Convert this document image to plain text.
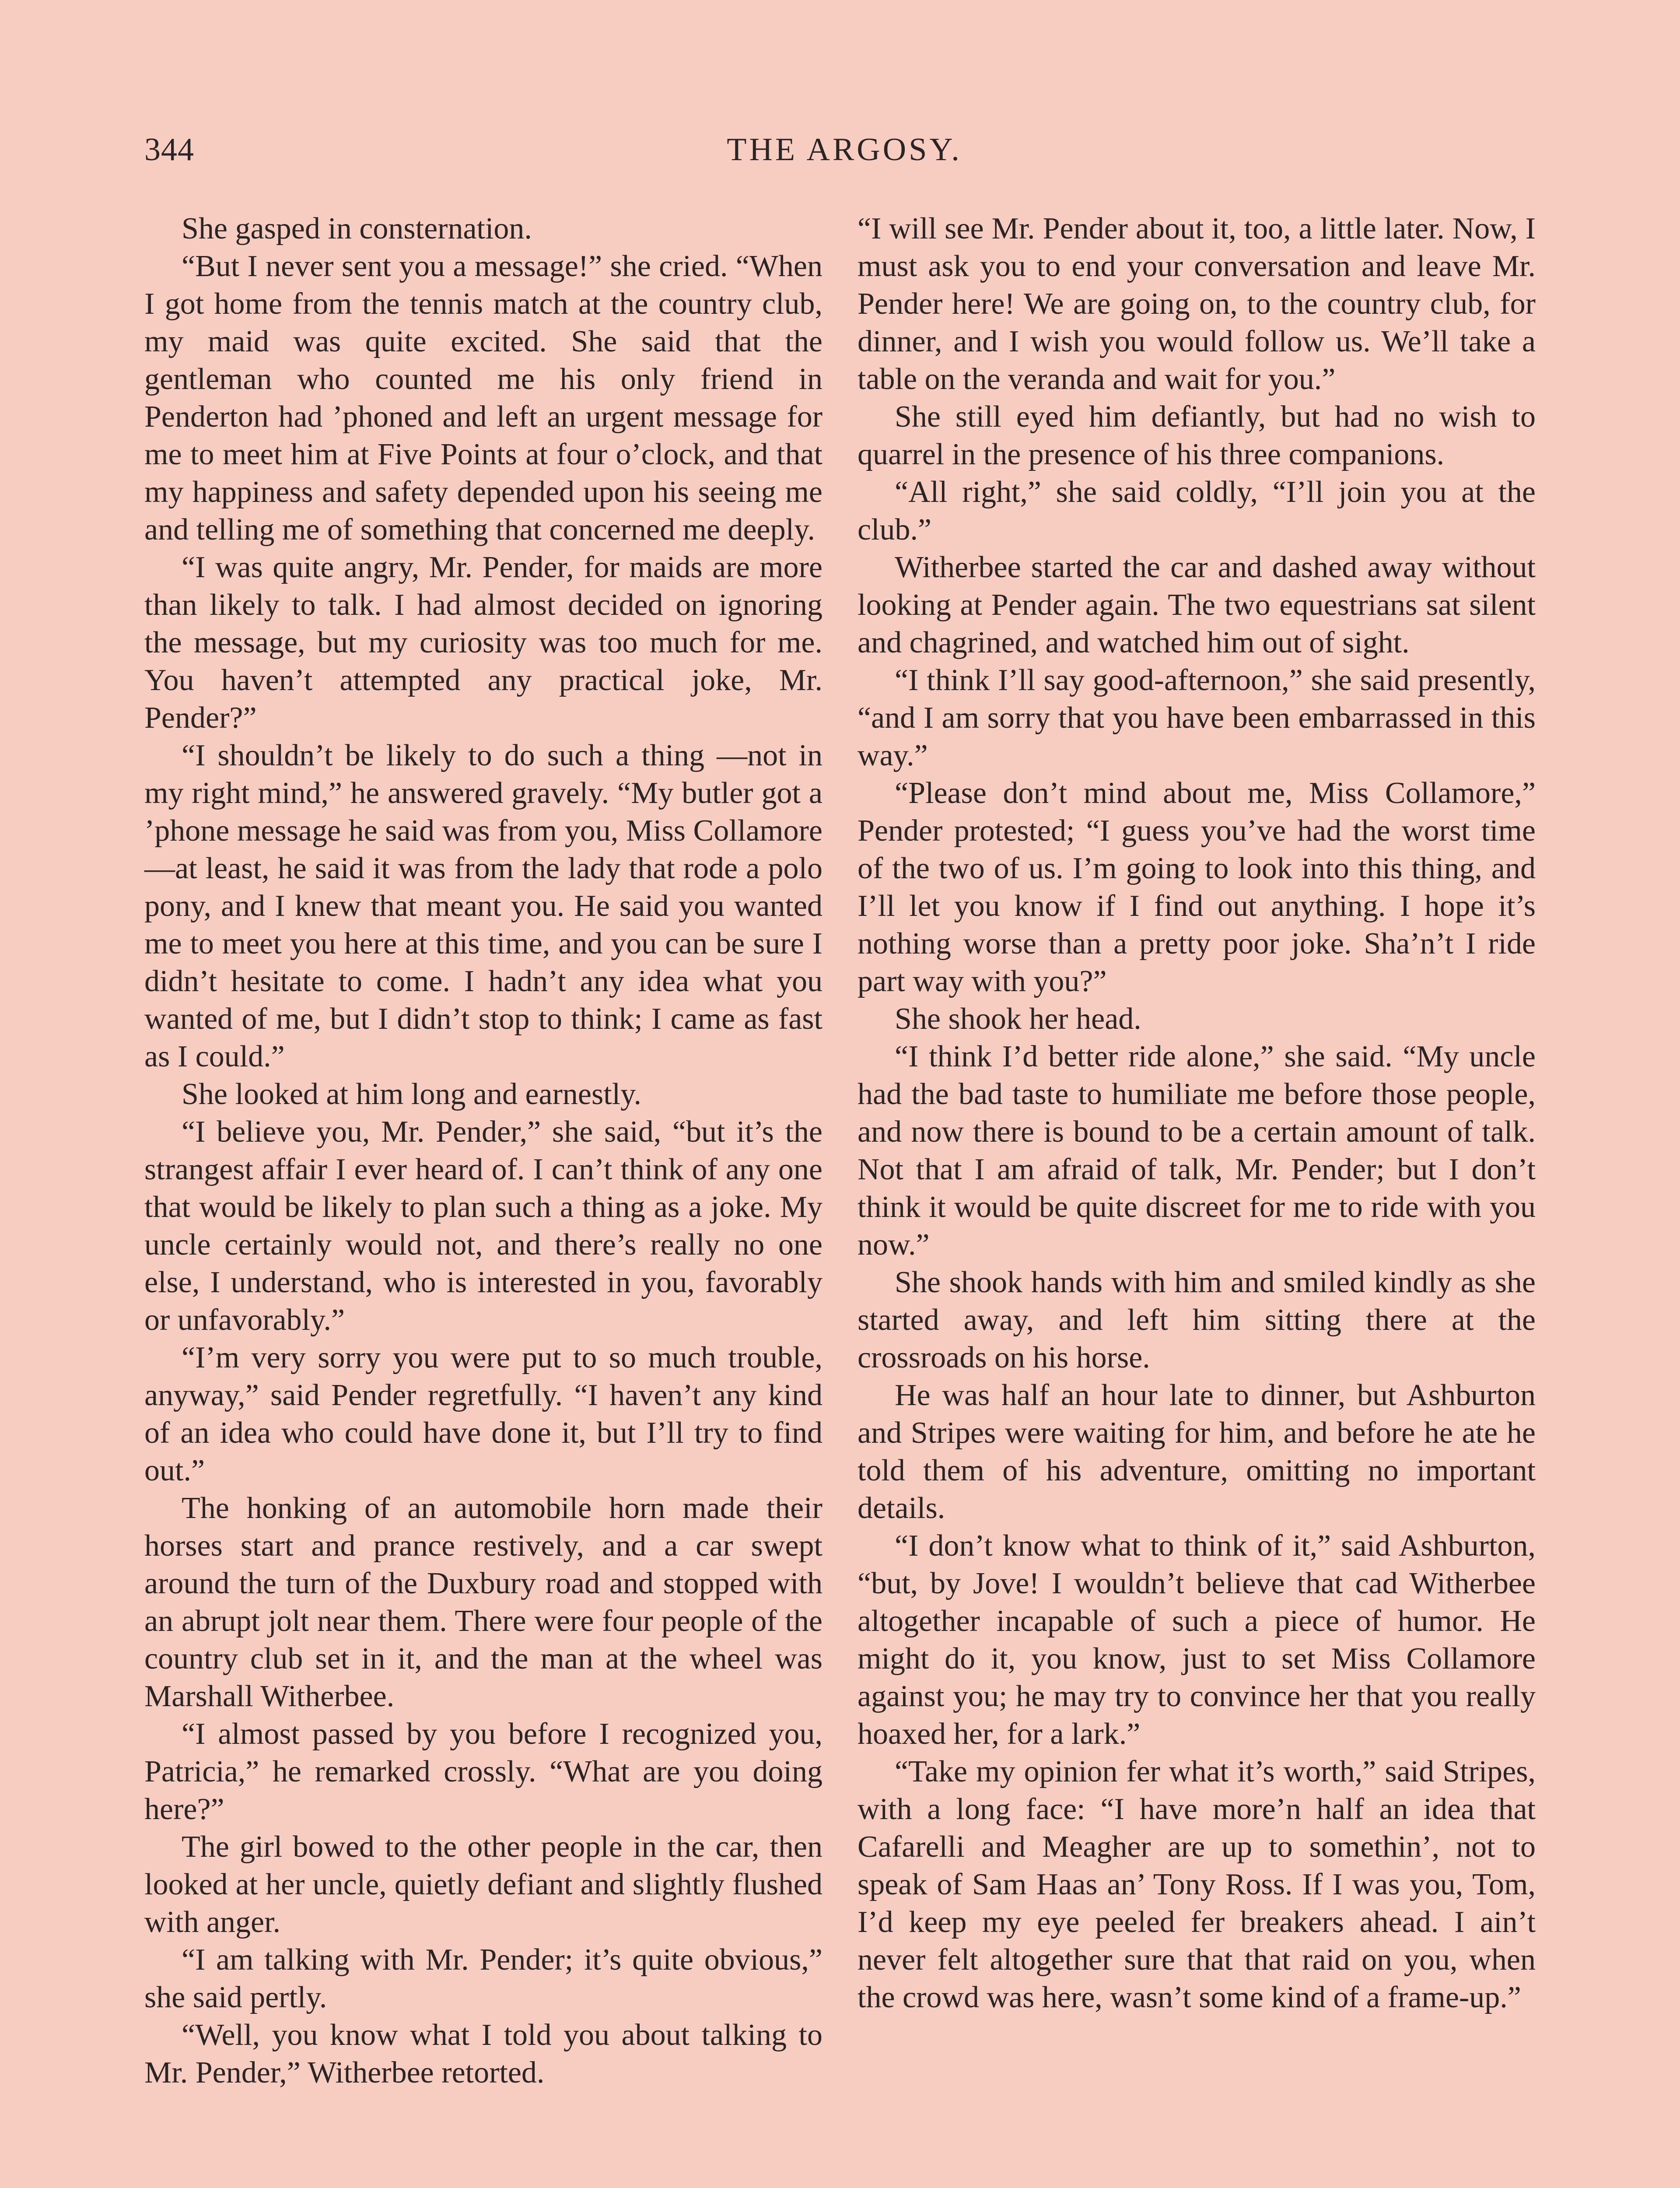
344	THE ARGOSY.

She gasped in consternation.

“But I never sent you a message!” she cried. “When I got home from the tennis match at the country club, my maid was quite excited. She said that the gentleman who counted me his only friend in Penderton had ’phoned and left an urgent message for me to meet him at Five Points at four o’clock, and that my happiness and safety depended upon his seeing me and telling me of something that concerned me deeply.

“I was quite angry, Mr. Pender, for maids are more than likely to talk. I had almost decided on ignoring the message, but my curiosity was too much for me. You haven’t attempted any practical joke, Mr. Pender?”

“I shouldn’t be likely to do such a thing —not in my right mind,” he answered gravely. “My butler got a ’phone message he said was from you, Miss Collamore—at least, he said it was from the lady that rode a polo pony, and I knew that meant you. He said you wanted me to meet you here at this time, and you can be sure I didn’t hesitate to come. I hadn’t any idea what you wanted of me, but I didn’t stop to think; I came as fast as I could.”

She looked at him long and earnestly.

“I believe you, Mr. Pender,” she said, “but it’s the strangest affair I ever heard of. I can’t think of any one that would be likely to plan such a thing as a joke. My uncle certainly would not, and there’s really no one else, I understand, who is interested in you, favorably or unfavorably.”

“I’m very sorry you were put to so much trouble, anyway,” said Pender regretfully. “I haven’t any kind of an idea who could have done it, but I’ll try to find out.”

The honking of an automobile horn made their horses start and prance restively, and a car swept around the turn of the Duxbury road and stopped with an abrupt jolt near them. There were four people of the country club set in it, and the man at the wheel was Marshall Witherbee.

“I almost passed by you before I recognized you, Patricia,” he remarked crossly. “What are you doing here?”

The girl bowed to the other people in the car, then looked at her uncle, quietly defiant and slightly flushed with anger.

“I am talking with Mr. Pender; it’s quite obvious,” she said pertly.

“Well, you know what I told you about talking to Mr. Pender,” Witherbee retorted.

“I will see Mr. Pender about it, too, a little later. Now, I must ask you to end your conversation and leave Mr. Pender here! We are going on, to the country club, for dinner, and I wish you would follow us. We’ll take a table on the veranda and wait for you.”

She still eyed him defiantly, but had no wish to quarrel in the presence of his three companions.

“All right,” she said coldly, “I’ll join you at the club.”

Witherbee started the car and dashed away without looking at Pender again. The two equestrians sat silent and chagrined, and watched him out of sight.

“I think I’ll say good-afternoon,” she said presently, “and I am sorry that you have been embarrassed in this way.”

“Please don’t mind about me, Miss Collamore,” Pender protested; “I guess you’ve had the worst time of the two of us. I’m going to look into this thing, and I’ll let you know if I find out anything. I hope it’s nothing worse than a pretty poor joke. Sha’n’t I ride part way with you?”

She shook her head.

“I think I’d better ride alone,” she said. “My uncle had the bad taste to humiliate me before those people, and now there is bound to be a certain amount of talk. Not that I am afraid of talk, Mr. Pender; but I don’t think it would be quite discreet for me to ride with you now.”

She shook hands with him and smiled kindly as she started away, and left him sitting there at the crossroads on his horse.

He was half an hour late to dinner, but Ashburton and Stripes were waiting for him, and before he ate he told them of his adventure, omitting no important details.

“I don’t know what to think of it,” said Ashburton, “but, by Jove! I wouldn’t believe that cad Witherbee altogether incapable of such a piece of humor. He might do it, you know, just to set Miss Collamore against you; he may try to convince her that you really hoaxed her, for a lark.”

“Take my opinion fer what it’s worth,” said Stripes, with a long face: “I have more’n half an idea that Cafarelli and Meagher are up to somethin’, not to speak of Sam Haas an’ Tony Ross. If I was you, Tom, I’d keep my eye peeled fer breakers ahead. I ain’t never felt altogether sure that that raid on you, when the crowd was here, wasn’t some kind of a frame-up.”
